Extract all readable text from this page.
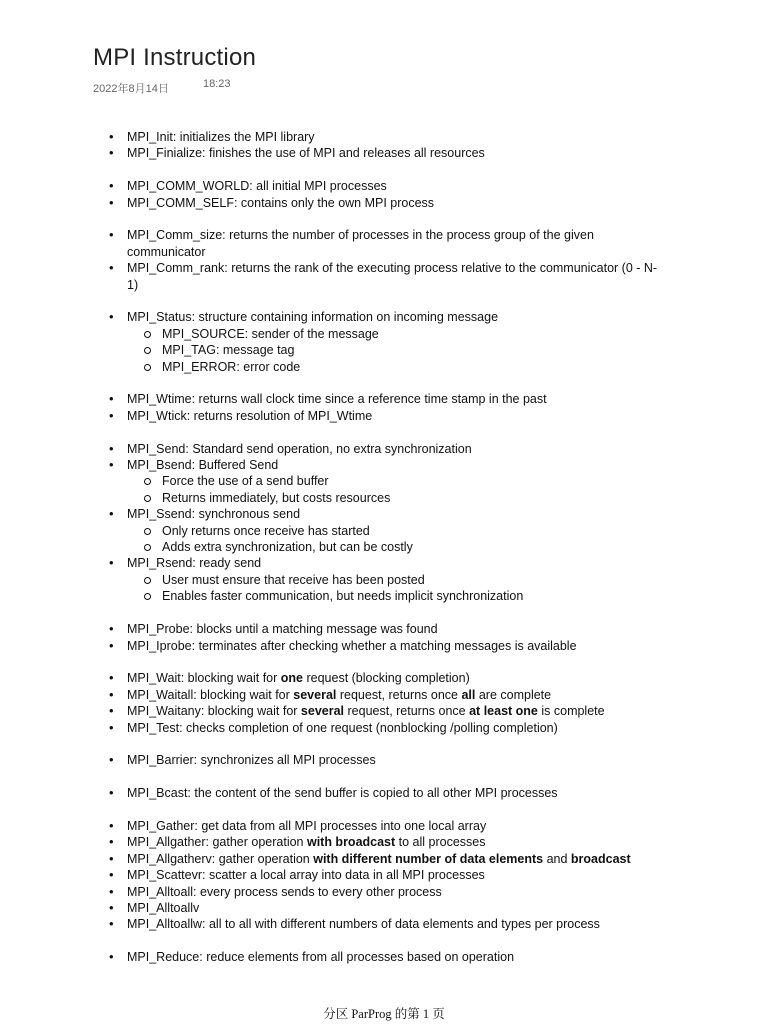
MPI Instruction
2022年8月14日	18:23
• MPI_Init: initializes the MPI library
• MPI_Finialize: finishes the use of MPI and releases all resources
• MPI_COMM_WORLD: all initial MPI processes
• MPI_COMM_SELF: contains only the own MPI process
• MPI_Comm_size: returns the number of processes in the process group of the given communicator
• MPI_Comm_rank: returns the rank of the executing process relative to the communicator (0 - N-1)
• MPI_Status: structure containing information on incoming message
MPI_SOURCE: sender of the message
MPI_TAG: message tag
MPI_ERROR: error code
• MPI_Wtime: returns wall clock time since a reference time stamp in the past
• MPI_Wtick: returns resolution of MPI_Wtime
• MPI_Send: Standard send operation, no extra synchronization
• MPI_Bsend: Buffered Send
Force the use of a send buffer
Returns immediately, but costs resources
• MPI_Ssend: synchronous send
Only returns once receive has started
Adds extra synchronization, but can be costly
• MPI_Rsend: ready send
User must ensure that receive has been posted
Enables faster communication, but needs implicit synchronization
• MPI_Probe: blocks until a matching message was found
• MPI_Iprobe: terminates after checking whether a matching messages is available
• MPI_Wait: blocking wait for one request (blocking completion)
• MPI_Waitall: blocking wait for several request, returns once all are complete
• MPI_Waitany: blocking wait for several request, returns once at least one is complete
• MPI_Test: checks completion of one request (nonblocking /polling completion)
• MPI_Barrier: synchronizes all MPI processes
• MPI_Bcast: the content of the send buffer is copied to all other MPI processes
• MPI_Gather: get data from all MPI processes into one local array
• MPI_Allgather: gather operation with broadcast to all processes
• MPI_Allgatherv: gather operation with different number of data elements and broadcast
• MPI_Scattevr: scatter a local array into data in all MPI processes
• MPI_Alltoall: every process sends to every other process
• MPI_Alltoallv
• MPI_Alltoallw: all to all with different numbers of data elements and types per process
• MPI_Reduce: reduce elements from all processes based on operation
分区 ParProg 的第 1 页
